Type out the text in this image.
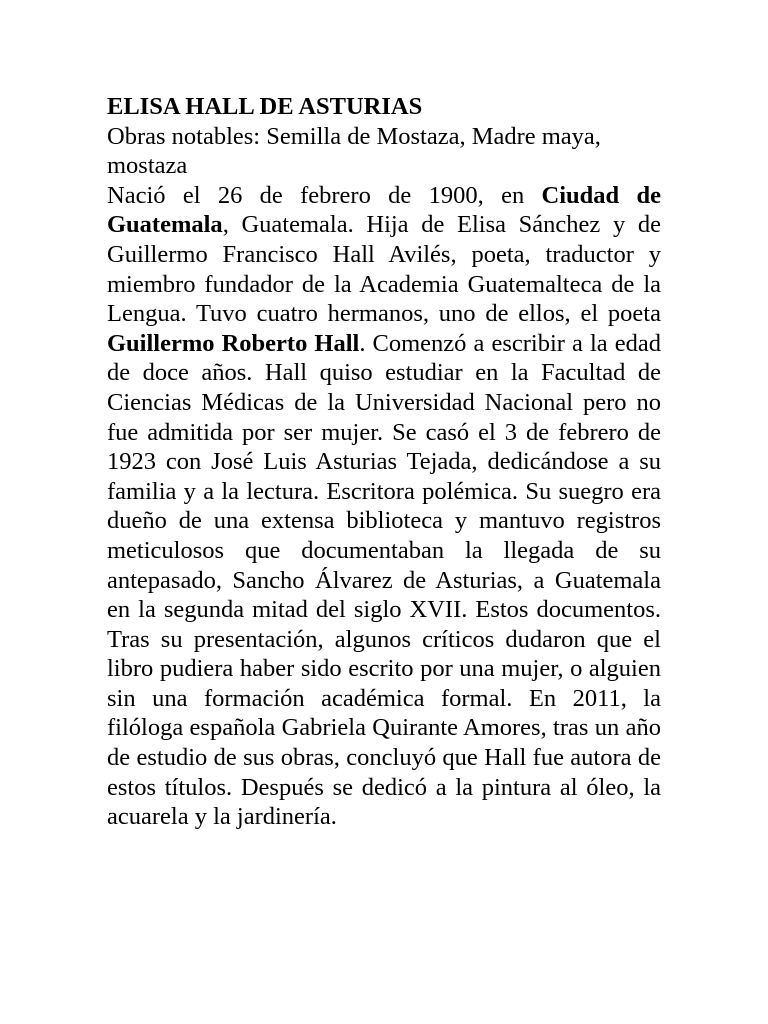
ELISA HALL DE ASTURIAS

Obras notables: Semilla de Mostaza, Madre maya, mostaza

Nació el 26 de febrero de 1900, en Ciudad de Guatemala, Guatemala. Hija de Elisa Sánchez y de Guillermo Francisco Hall Avilés, poeta, traductor y miembro fundador de la Academia Guatemalteca de la Lengua. Tuvo cuatro hermanos, uno de ellos, el poeta Guillermo Roberto Hall. Comenzó a escribir a la edad de doce años. Hall quiso estudiar en la Facultad de Ciencias Médicas de la Universidad Nacional pero no fue admitida por ser mujer. Se casó el 3 de febrero de 1923 con José Luis Asturias Tejada, dedicándose a su familia y a la lectura. Escritora polémica. Su suegro era dueño de una extensa biblioteca y mantuvo registros meticulosos que documentaban la llegada de su antepasado, Sancho Álvarez de Asturias, a Guatemala en la segunda mitad del siglo XVII. Estos documentos. Tras su presentación, algunos críticos dudaron que el libro pudiera haber sido escrito por una mujer, o alguien sin una formación académica formal. En 2011, la filóloga española Gabriela Quirante Amores, tras un año de estudio de sus obras, concluyó que Hall fue autora de estos títulos. Después se dedicó a la pintura al óleo, la acuarela y la jardinería.
